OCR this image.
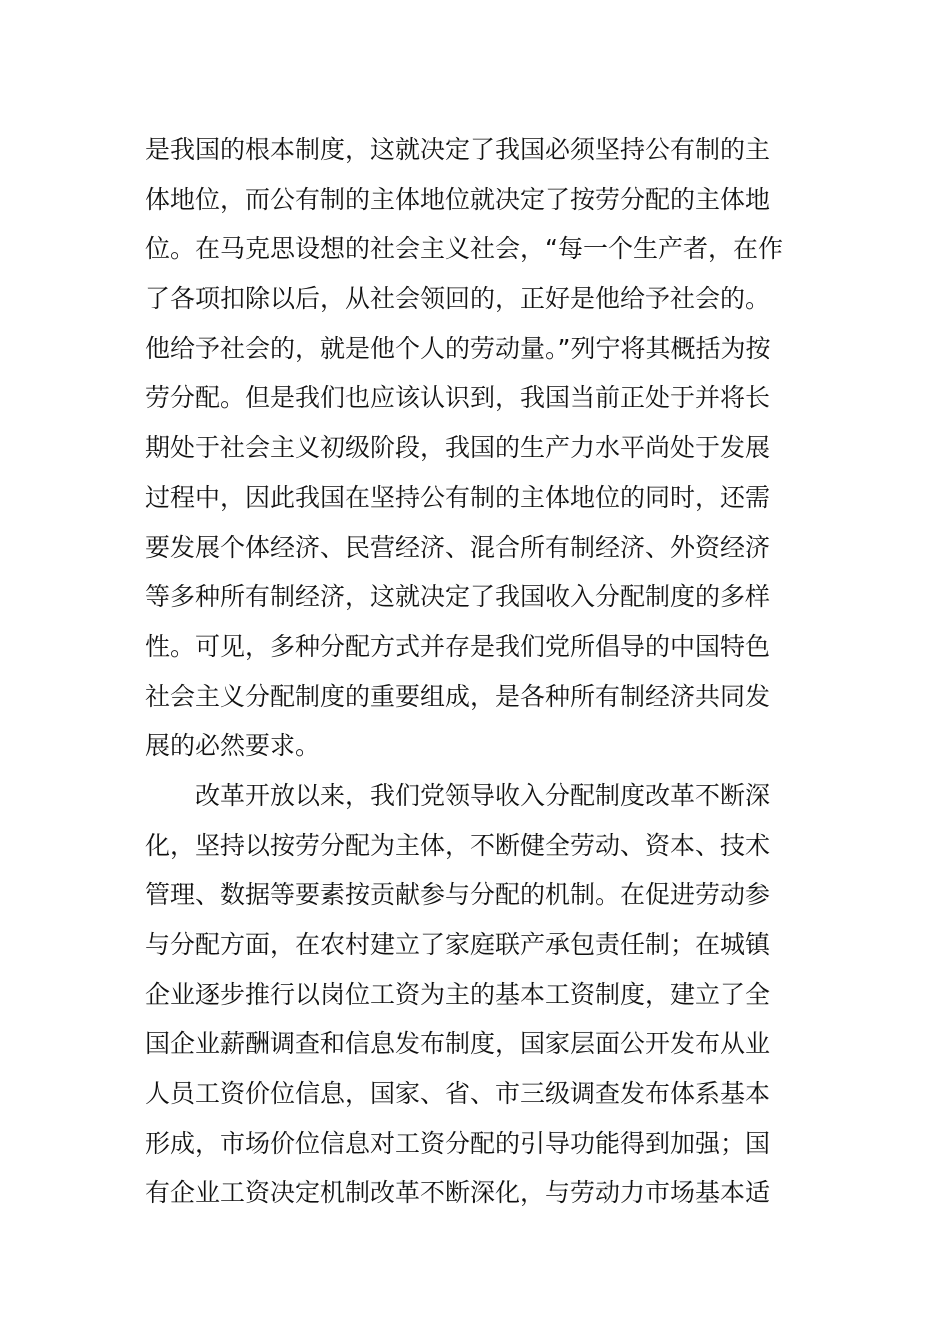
是我国的根本制度，这就决定了我国必须坚持公有制的主
体地位，而公有制的主体地位就决定了按劳分配的主体地
位。在马克思设想的社会主义社会，“每一个生产者，在作
了各项扣除以后，从社会领回的，正好是他给予社会的。
他给予社会的，就是他个人的劳动量。”列宁将其概括为按
劳分配。但是我们也应该认识到，我国当前正处于并将长
期处于社会主义初级阶段，我国的生产力水平尚处于发展
过程中，因此我国在坚持公有制的主体地位的同时，还需
要发展个体经济、民营经济、混合所有制经济、外资经济
等多种所有制经济，这就决定了我国收入分配制度的多样
性。可见，多种分配方式并存是我们党所倡导的中国特色
社会主义分配制度的重要组成，是各种所有制经济共同发
展的必然要求。
改革开放以来，我们党领导收入分配制度改革不断深
化，坚持以按劳分配为主体，不断健全劳动、资本、技术
管理、数据等要素按贡献参与分配的机制。在促进劳动参
与分配方面，在农村建立了家庭联产承包责任制；在城镇
企业逐步推行以岗位工资为主的基本工资制度，建立了全
国企业薪酬调查和信息发布制度，国家层面公开发布从业
人员工资价位信息，国家、省、市三级调查发布体系基本
形成，市场价位信息对工资分配的引导功能得到加强；国
有企业工资决定机制改革不断深化，与劳动力市场基本适
